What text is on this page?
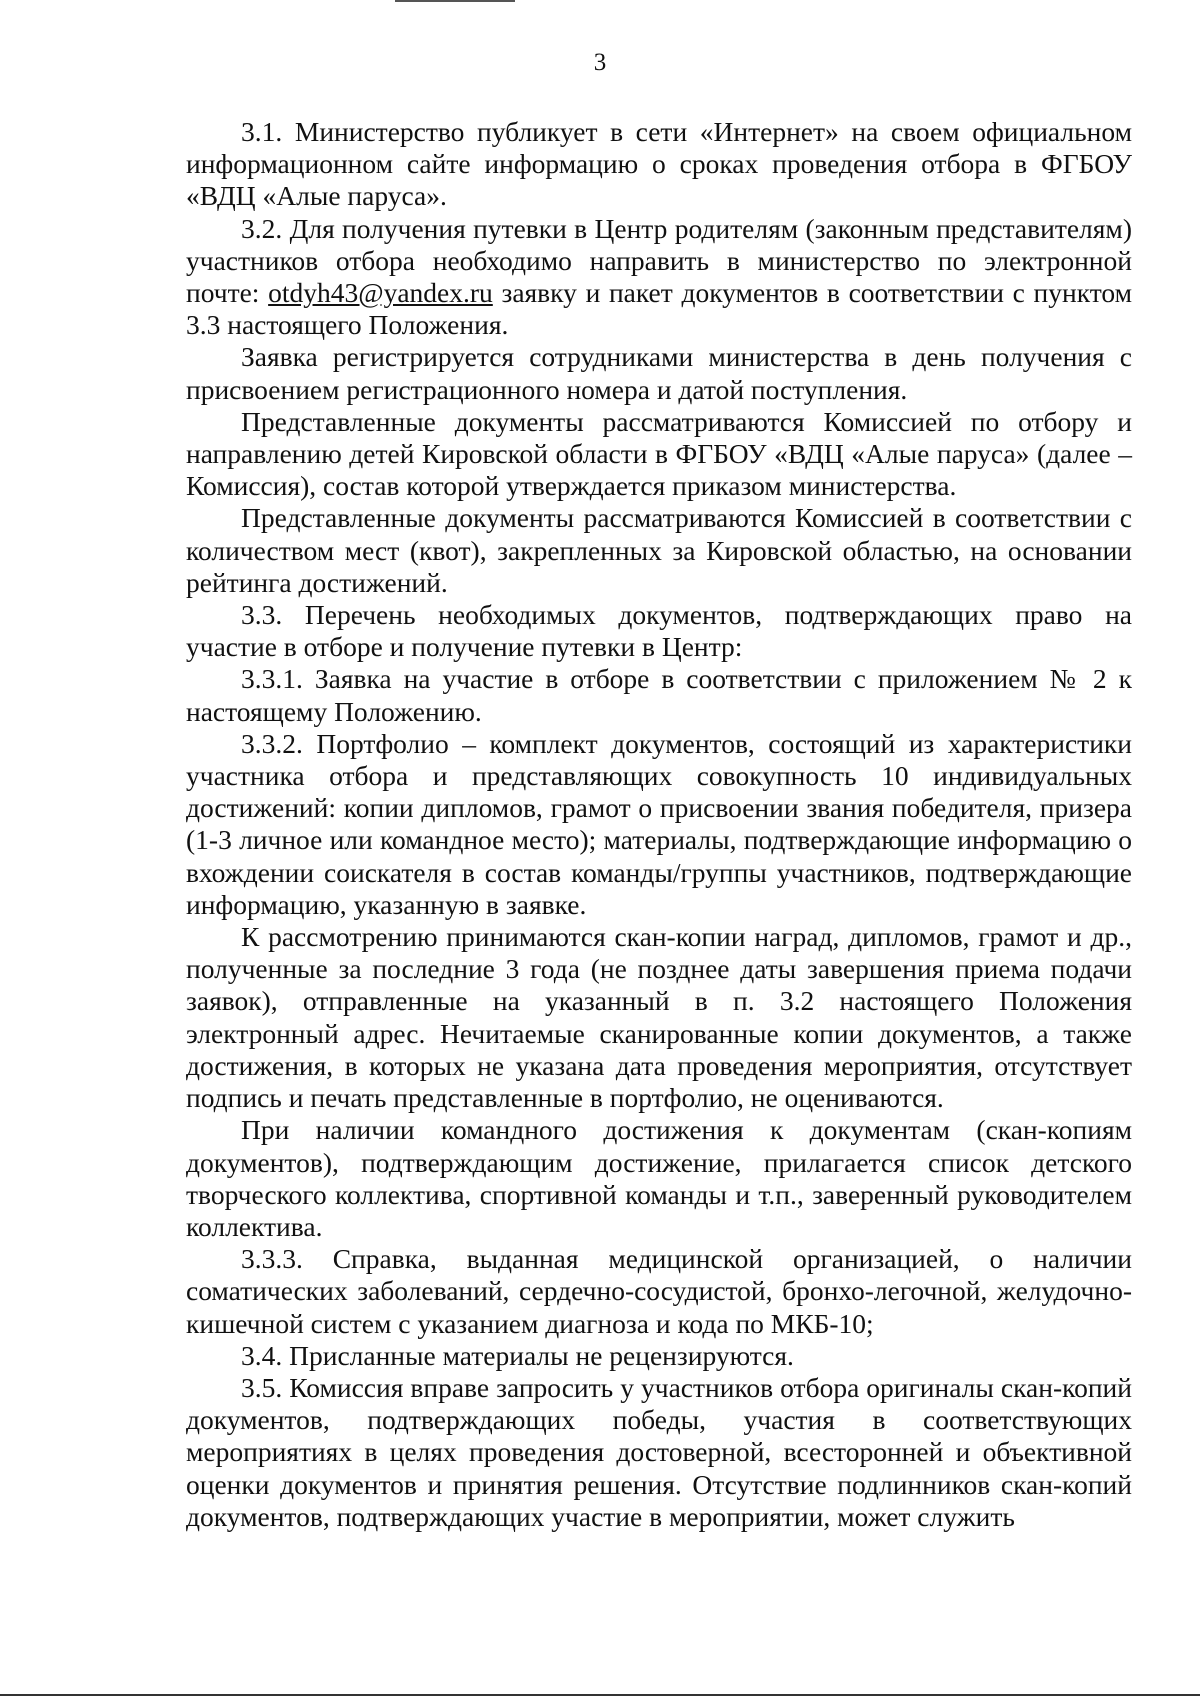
3

3.1. Министерство публикует в сети «Интернет» на своем официальном информационном сайте информацию о сроках проведения отбора в ФГБОУ «ВДЦ «Алые паруса».

3.2. Для получения путевки в Центр родителям (законным представителям) участников отбора необходимо направить в министерство по электронной почте: otdyh43@yandex.ru заявку и пакет документов в соответствии с пунктом 3.3 настоящего Положения.

Заявка регистрируется сотрудниками министерства в день получения с присвоением регистрационного номера и датой поступления.

Представленные документы рассматриваются Комиссией по отбору и направлению детей Кировской области в ФГБОУ «ВДЦ «Алые паруса» (далее – Комиссия), состав которой утверждается приказом министерства.

Представленные документы рассматриваются Комиссией в соответствии с количеством мест (квот), закрепленных за Кировской областью, на основании рейтинга достижений.

3.3. Перечень необходимых документов, подтверждающих право на участие в отборе и получение путевки в Центр:

3.3.1. Заявка на участие в отборе в соответствии с приложением № 2 к настоящему Положению.

3.3.2. Портфолио – комплект документов, состоящий из характеристики участника отбора и представляющих совокупность 10 индивидуальных достижений: копии дипломов, грамот о присвоении звания победителя, призера (1-3 личное или командное место); материалы, подтверждающие информацию о вхождении соискателя в состав команды/группы участников, подтверждающие информацию, указанную в заявке.

К рассмотрению принимаются скан-копии наград, дипломов, грамот и др., полученные за последние 3 года (не позднее даты завершения приема подачи заявок), отправленные на указанный в п. 3.2 настоящего Положения электронный адрес. Нечитаемые сканированные копии документов, а также достижения, в которых не указана дата проведения мероприятия, отсутствует подпись и печать представленные в портфолио, не оцениваются.

При наличии командного достижения к документам (скан-копиям документов), подтверждающим достижение, прилагается список детского творческого коллектива, спортивной команды и т.п., заверенный руководителем коллектива.

3.3.3. Справка, выданная медицинской организацией, о наличии соматических заболеваний, сердечно-сосудистой, бронхо-легочной, желудочно-кишечной систем с указанием диагноза и кода по МКБ-10;

3.4. Присланные материалы не рецензируются.

3.5. Комиссия вправе запросить у участников отбора оригиналы скан-копий документов, подтверждающих победы, участия в соответствующих мероприятиях в целях проведения достоверной, всесторонней и объективной оценки документов и принятия решения. Отсутствие подлинников скан-копий документов, подтверждающих участие в мероприятии, может служить
